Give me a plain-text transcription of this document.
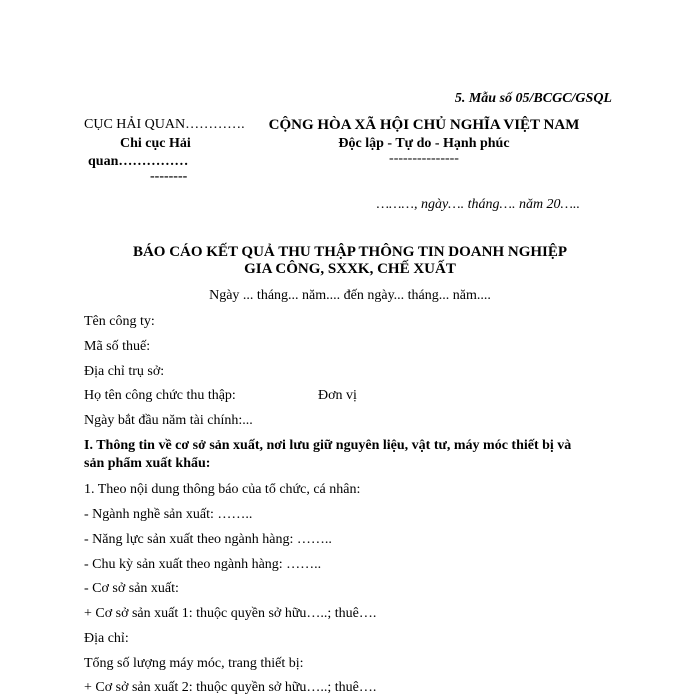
5. Mẫu số 05/BCGC/GSQL
CỤC HẢI QUAN………….
Chi cục Hải
quan……………
--------
CỘNG HÒA XÃ HỘI CHỦ NGHĨA VIỆT NAM
Độc lập - Tự do - Hạnh phúc
---------------
………, ngày…. tháng…. năm 20…..
BÁO CÁO KẾT QUẢ THU THẬP THÔNG TIN DOANH NGHIỆP
GIA CÔNG, SXXK, CHẾ XUẤT
Ngày ... tháng... năm.... đến ngày... tháng... năm....
Tên công ty:
Mã số thuế:
Địa chỉ trụ sở:
Họ tên công chức thu thập:	Đơn vị
Ngày bắt đầu năm tài chính:...
I. Thông tin về cơ sở sản xuất, nơi lưu giữ nguyên liệu, vật tư, máy móc thiết bị và
sản phẩm xuất khẩu:
1. Theo nội dung thông báo của tổ chức, cá nhân:
- Ngành nghề sản xuất: ……..
- Năng lực sản xuất theo ngành hàng: ……..
- Chu kỳ sản xuất theo ngành hàng: ……..
- Cơ sở sản xuất:
+ Cơ sở sản xuất 1: thuộc quyền sở hữu…..; thuê….
Địa chỉ:
Tổng số lượng máy móc, trang thiết bị:
+ Cơ sở sản xuất 2: thuộc quyền sở hữu…..; thuê….
